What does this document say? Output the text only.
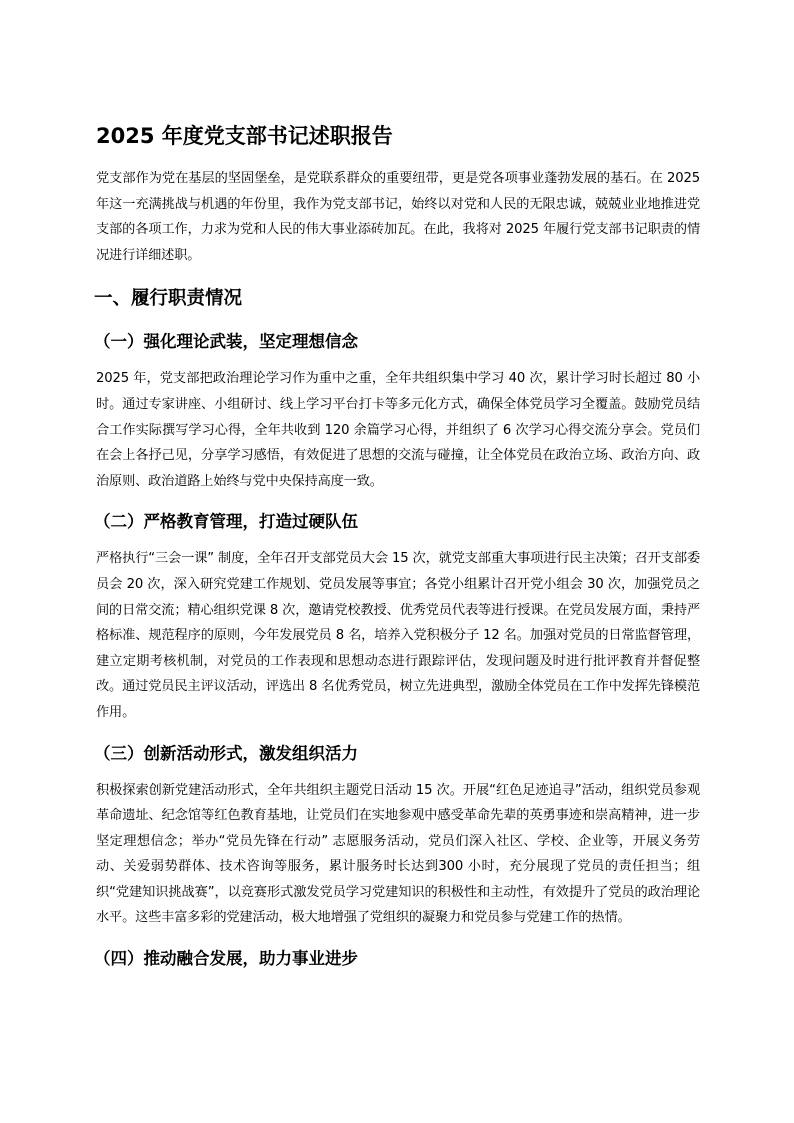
2025 年度党支部书记述职报告

党支部作为党在基层的坚固堡垒，是党联系群众的重要纽带，更是党各项事业蓬勃发展的基石。在 2025 年这一充满挑战与机遇的年份里，我作为党支部书记，始终以对党和人民的无限忠诚，兢兢业业地推进党支部的各项工作，力求为党和人民的伟大事业添砖加瓦。在此，我将对 2025 年履行党支部书记职责的情况进行详细述职。

一、履行职责情况
（一）强化理论武装，坚定理想信念

2025 年，党支部把政治理论学习作为重中之重，全年共组织集中学习 40 次，累计学习时长超过 80 小时。通过专家讲座、小组研讨、线上学习平台打卡等多元化方式，确保全体党员学习全覆盖。鼓励党员结合工作实际撰写学习心得，全年共收到 120 余篇学习心得，并组织了 6 次学习心得交流分享会。党员们在会上各抒己见，分享学习感悟，有效促进了思想的交流与碰撞，让全体党员在政治立场、政治方向、政治原则、政治道路上始终与党中央保持高度一致。

（二）严格教育管理，打造过硬队伍

严格执行“三会一课” 制度，全年召开支部党员大会 15 次，就党支部重大事项进行民主决策；召开支部委员会 20 次，深入研究党建工作规划、党员发展等事宜；各党小组累计召开党小组会 30 次，加强党员之间的日常交流；精心组织党课 8 次，邀请党校教授、优秀党员代表等进行授课。在党员发展方面，秉持严格标准、规范程序的原则，今年发展党员 8 名，培养入党积极分子 12 名。加强对党员的日常监督管理，建立定期考核机制，对党员的工作表现和思想动态进行跟踪评估，发现问题及时进行批评教育并督促整改。通过党员民主评议活动，评选出 8 名优秀党员，树立先进典型，激励全体党员在工作中发挥先锋模范作用。

（三）创新活动形式，激发组织活力

积极探索创新党建活动形式，全年共组织主题党日活动 15 次。开展“红色足迹追寻”活动，组织党员参观革命遗址、纪念馆等红色教育基地，让党员们在实地参观中感受革命先辈的英勇事迹和崇高精神，进一步坚定理想信念；举办“党员先锋在行动” 志愿服务活动，党员们深入社区、学校、企业等，开展义务劳动、关爱弱势群体、技术咨询等服务，累计服务时长达到300 小时，充分展现了党员的责任担当；组织“党建知识挑战赛”，以竞赛形式激发党员学习党建知识的积极性和主动性，有效提升了党员的政治理论水平。这些丰富多彩的党建活动，极大地增强了党组织的凝聚力和党员参与党建工作的热情。

（四）推动融合发展，助力事业进步
